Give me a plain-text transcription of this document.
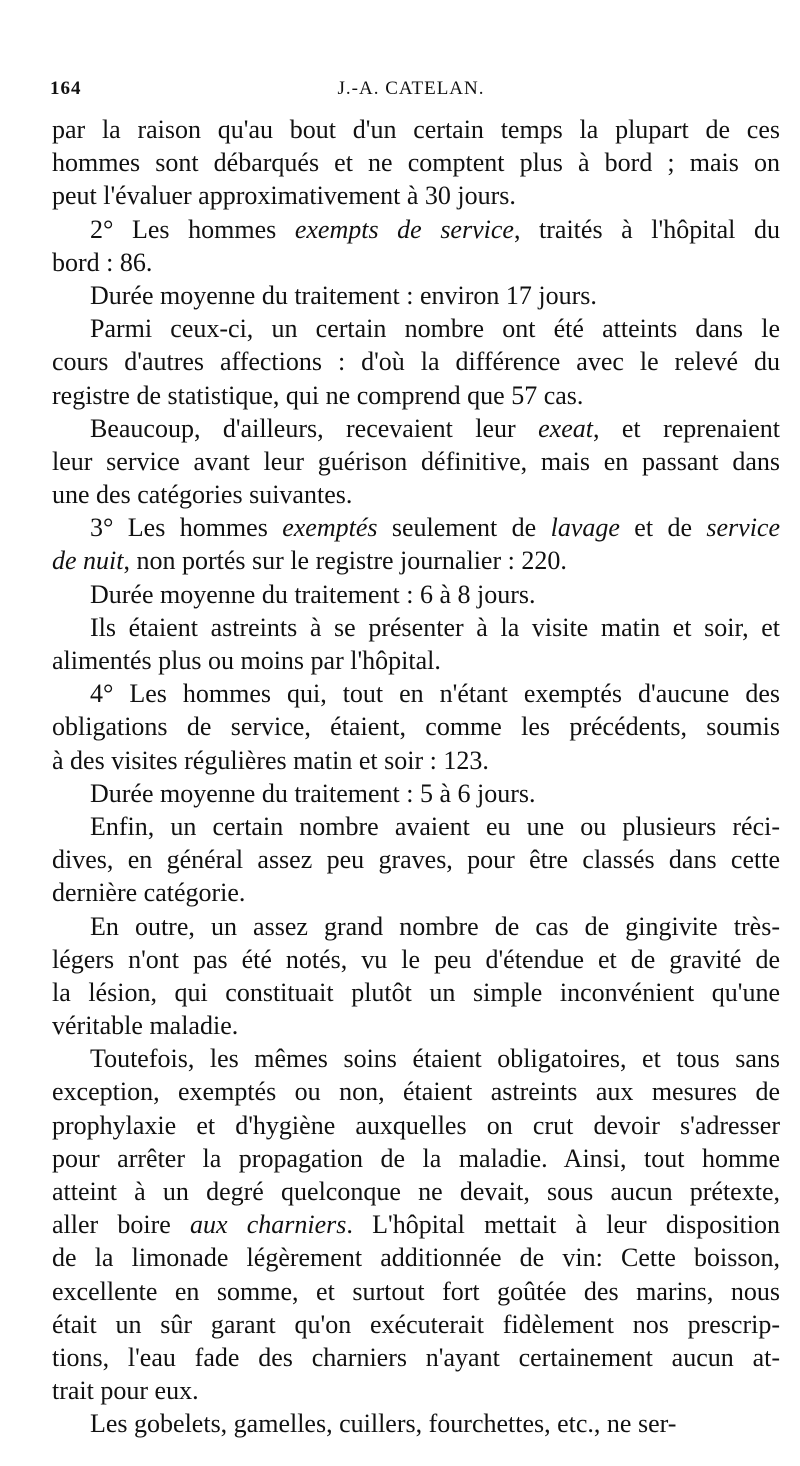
164	J.-A. CATELAN.
par la raison qu'au bout d'un certain temps la plupart de ces
hommes sont débarqués et ne comptent plus à bord ; mais on
peut l'évaluer approximativement à 30 jours.
2° Les hommes exempts de service, traités à l'hôpital du
bord : 86.
Durée moyenne du traitement : environ 17 jours.
Parmi ceux-ci, un certain nombre ont été atteints dans le
cours d'autres affections : d'où la différence avec le relevé du
registre de statistique, qui ne comprend que 57 cas.
Beaucoup, d'ailleurs, recevaient leur exeat, et reprenaient
leur service avant leur guérison définitive, mais en passant dans
une des catégories suivantes.
3° Les hommes exemptés seulement de lavage et de service
de nuit, non portés sur le registre journalier : 220.
Durée moyenne du traitement : 6 à 8 jours.
Ils étaient astreints à se présenter à la visite matin et soir, et
alimentés plus ou moins par l'hôpital.
4° Les hommes qui, tout en n'étant exemptés d'aucune des
obligations de service, étaient, comme les précédents, soumis
à des visites régulières matin et soir : 123.
Durée moyenne du traitement : 5 à 6 jours.
Enfin, un certain nombre avaient eu une ou plusieurs réci-
dives, en général assez peu graves, pour être classés dans cette
dernière catégorie.
En outre, un assez grand nombre de cas de gingivite très-
légers n'ont pas été notés, vu le peu d'étendue et de gravité de
la lésion, qui constituait plutôt un simple inconvénient qu'une
véritable maladie.
Toutefois, les mêmes soins étaient obligatoires, et tous sans
exception, exemptés ou non, étaient astreints aux mesures de
prophylaxie et d'hygiène auxquelles on crut devoir s'adresser
pour arrêter la propagation de la maladie. Ainsi, tout homme
atteint à un degré quelconque ne devait, sous aucun prétexte,
aller boire aux charniers. L'hôpital mettait à leur disposition
de la limonade légèrement additionnée de vin: Cette boisson,
excellente en somme, et surtout fort goûtée des marins, nous
était un sûr garant qu'on exécuterait fidèlement nos prescrip-
tions, l'eau fade des charniers n'ayant certainement aucun at-
trait pour eux.
Les gobelets, gamelles, cuillers, fourchettes, etc., ne ser-
